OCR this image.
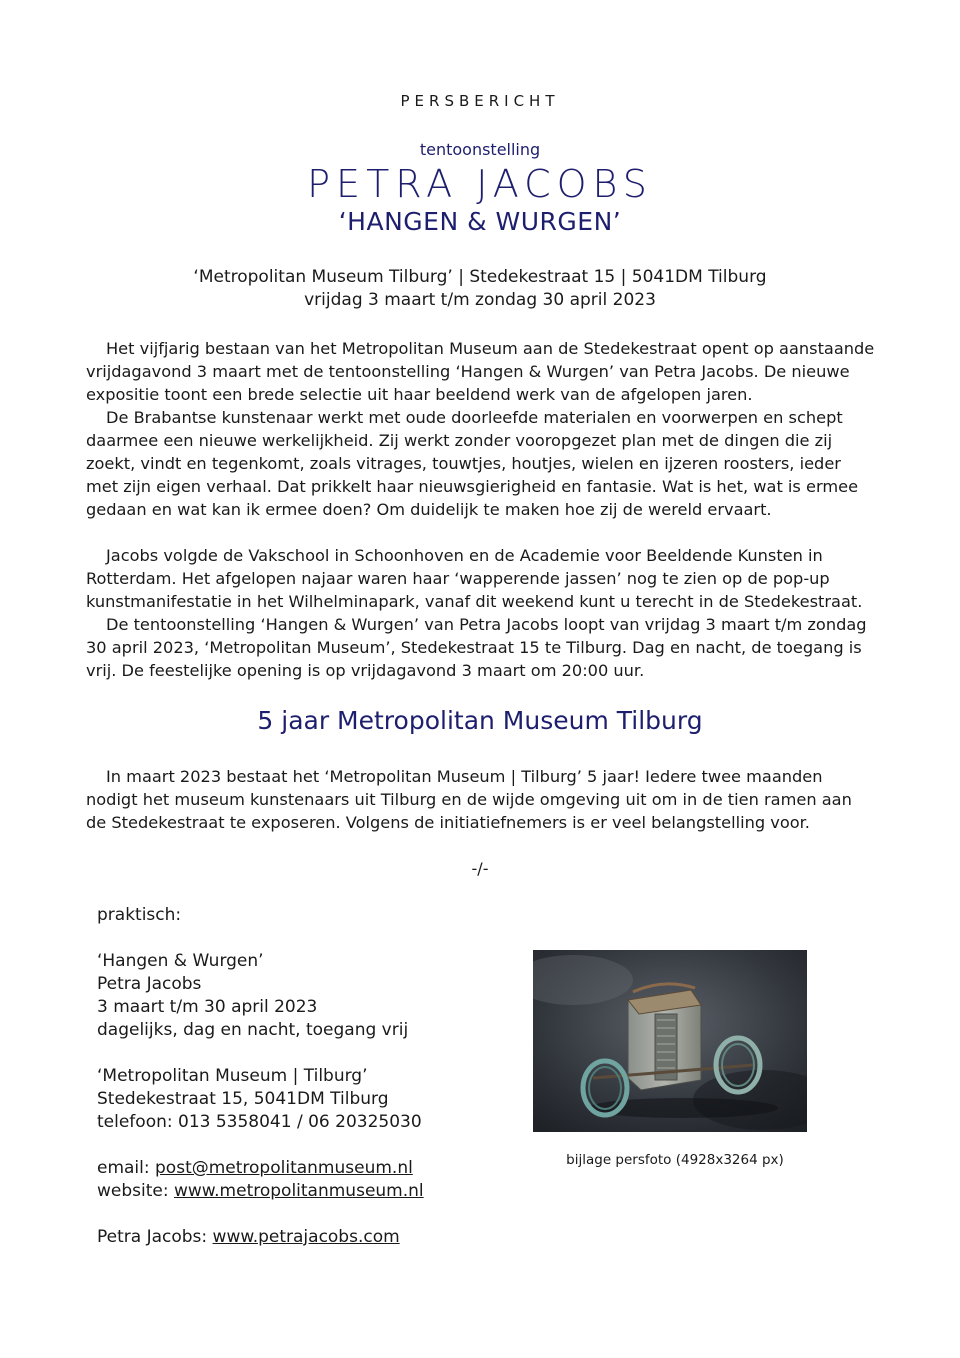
PERSBERICHT
tentoonstelling
PETRA JACOBS
‘HANGEN & WURGEN’
‘Metropolitan Museum Tilburg’ | Stedekestraat 15 | 5041DM Tilburg
vrijdag 3 maart t/m zondag 30 april 2023

Het vijfjarig bestaan van het Metropolitan Museum aan de Stedekestraat opent op aanstaande vrijdagavond 3 maart met de tentoonstelling ‘Hangen & Wurgen’ van Petra Jacobs. De nieuwe expositie toont een brede selectie uit haar beeldend werk van de afgelopen jaren.

De Brabantse kunstenaar werkt met oude doorleefde materialen en voorwerpen en schept daarmee een nieuwe werkelijkheid. Zij werkt zonder vooropgezet plan met de dingen die zij zoekt, vindt en tegenkomt, zoals vitrages, touwtjes, houtjes, wielen en ijzeren roosters, ieder met zijn eigen verhaal. Dat prikkelt haar nieuwsgierigheid en fantasie. Wat is het, wat is ermee gedaan en wat kan ik ermee doen? Om duidelijk te maken hoe zij de wereld ervaart.

Jacobs volgde de Vakschool in Schoonhoven en de Academie voor Beeldende Kunsten in Rotterdam. Het afgelopen najaar waren haar ‘wapperende jassen’ nog te zien op de pop-up kunstmanifestatie in het Wilhelminapark, vanaf dit weekend kunt u terecht in de Stedekestraat.

De tentoonstelling ‘Hangen & Wurgen’ van Petra Jacobs loopt van vrijdag 3 maart t/m zondag 30 april 2023, ‘Metropolitan Museum’, Stedekestraat 15 te Tilburg. Dag en nacht, de toegang is vrij. De feestelijke opening is op vrijdagavond 3 maart om 20:00 uur.

5 jaar Metropolitan Museum Tilburg

In maart 2023 bestaat het ‘Metropolitan Museum | Tilburg’ 5 jaar! Iedere twee maanden nodigt het museum kunstenaars uit Tilburg en de wijde omgeving uit om in de tien ramen aan de Stedekestraat te exposeren. Volgens de initiatiefnemers is er veel belangstelling voor.

-/-
praktisch:
‘Hangen & Wurgen’
Petra Jacobs
3 maart t/m 30 april 2023
dagelijks, dag en nacht, toegang vrij
‘Metropolitan Museum | Tilburg’
Stedekestraat 15, 5041DM Tilburg
telefoon: 013 5358041 / 06 20325030
email: post@metropolitanmuseum.nl
website: www.metropolitanmuseum.nl
Petra Jacobs: www.petrajacobs.com
bijlage persfoto (4928x3264 px)
